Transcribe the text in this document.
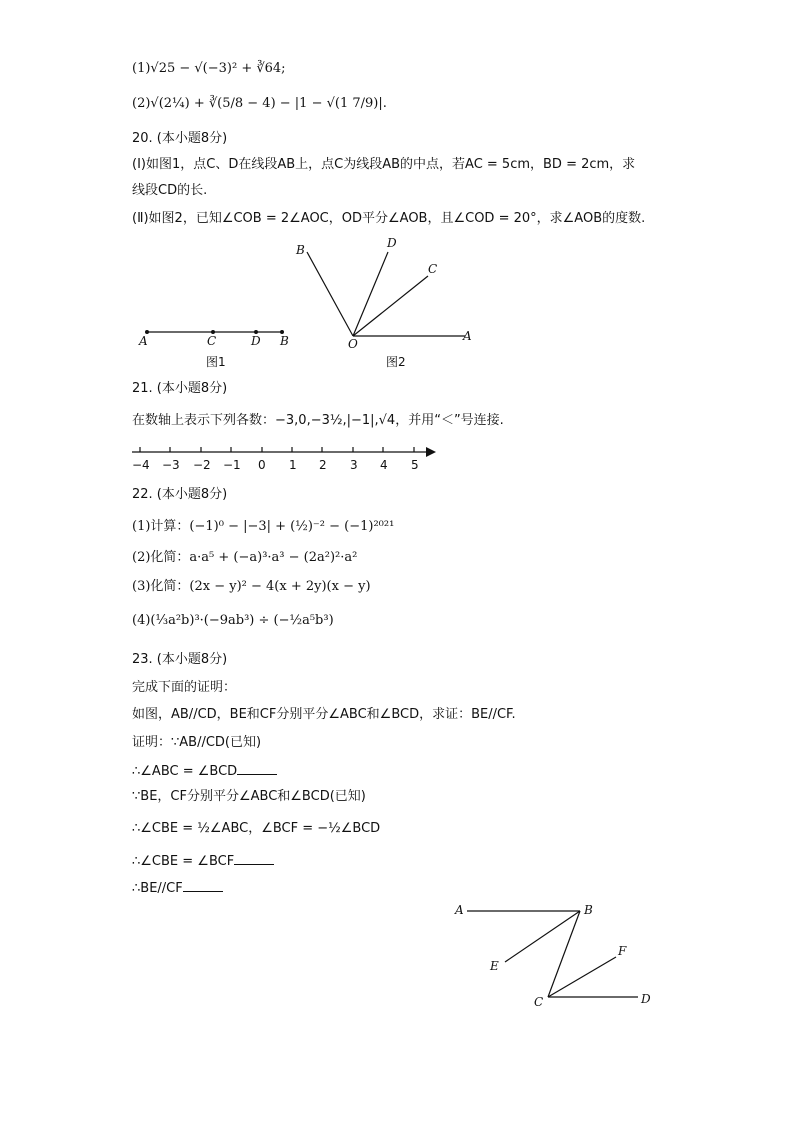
(1)√25 − √(−3)² + ∛64;
(2)√(2¼) + ∛(5/8 − 4) − |1 − √(1 7/9)|.
20. (本小题8分)
(Ⅰ)如图1，点C、D在线段AB上，点C为线段AB的中点，若AC = 5cm，BD = 2cm，求
线段CD的长.
(Ⅱ)如图2，已知∠COB = 2∠AOC，OD平分∠AOB，且∠COD = 20°，求∠AOB的度数.
A	C	D B
图1
B	D
C
O
A
图2
21. (本小题8分)
在数轴上表示下列各数：−3,0,−3½,|−1|,√4，并用“＜”号连接.
−4 −3 −2 −1 0 1 2 3 4 5
22. (本小题8分)
(1)计算：(−1)⁰ − |−3| + (½)⁻² − (−1)²⁰²¹
(2)化简：a·a⁵ + (−a)³·a³ − (2a²)²·a²
(3)化简：(2x − y)² − 4(x + 2y)(x − y)
(4)(⅓a²b)³·(−9ab³) ÷ (−½a⁵b³)
23. (本小题8分)
完成下面的证明：
如图，AB//CD，BE和CF分别平分∠ABC和∠BCD，求证：BE//CF.
证明：∵AB//CD(已知)
∴∠ABC = ∠BCD
∵BE，CF分别平分∠ABC和∠BCD(已知)
∴∠CBE = ½∠ABC，∠BCF = −½∠BCD
∴∠CBE = ∠BCF
∴BE//CF
A	B
E
F
C	D
